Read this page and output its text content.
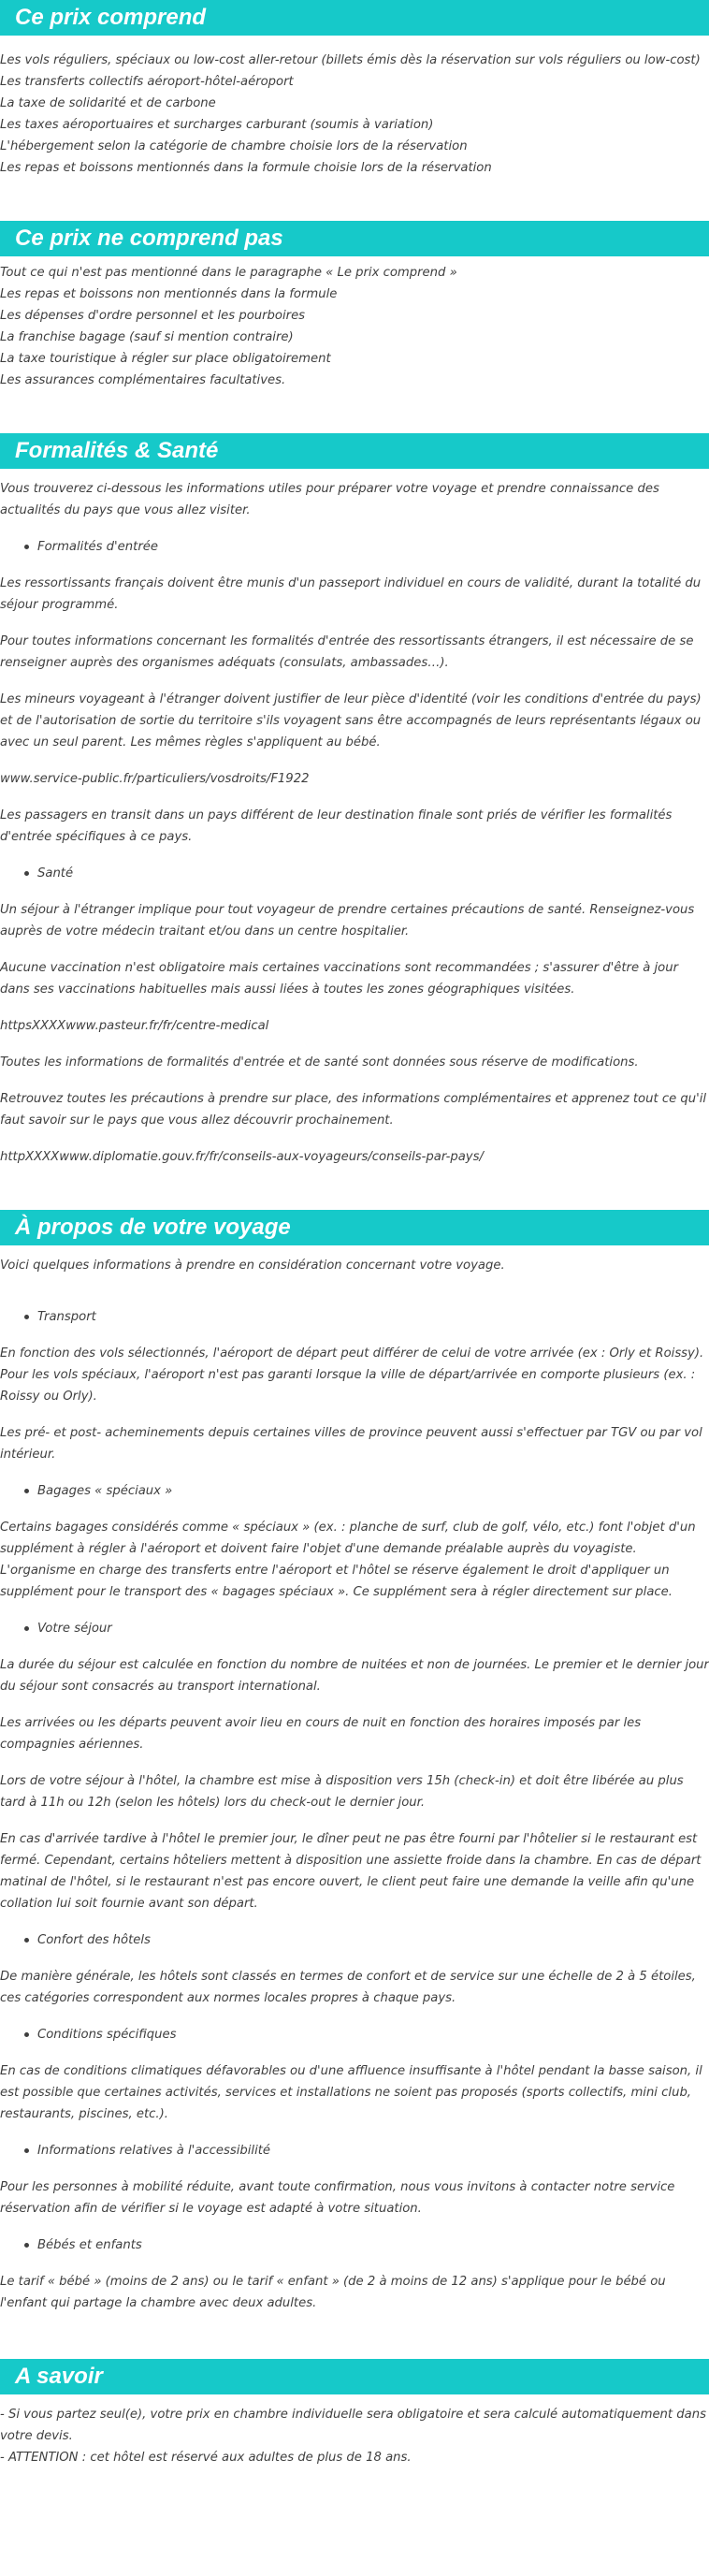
Ce prix comprend
Les vols réguliers, spéciaux ou low-cost aller-retour (billets émis dès la réservation sur vols réguliers ou low-cost)
Les transferts collectifs aéroport-hôtel-aéroport
La taxe de solidarité et de carbone
Les taxes aéroportuaires et surcharges carburant (soumis à variation)
L'hébergement selon la catégorie de chambre choisie lors de la réservation
Les repas et boissons mentionnés dans la formule choisie lors de la réservation
Ce prix ne comprend pas
Tout ce qui n'est pas mentionné dans le paragraphe « Le prix comprend »
Les repas et boissons non mentionnés dans la formule
Les dépenses d'ordre personnel et les pourboires
La franchise bagage (sauf si mention contraire)
La taxe touristique à régler sur place obligatoirement
Les assurances complémentaires facultatives.
Formalités & Santé

Vous trouverez ci-dessous les informations utiles pour préparer votre voyage et prendre connaissance des actualités du pays que vous allez visiter.

Formalités d'entrée

Les ressortissants français doivent être munis d'un passeport individuel en cours de validité, durant la totalité du séjour programmé.

Pour toutes informations concernant les formalités d'entrée des ressortissants étrangers, il est nécessaire de se renseigner auprès des organismes adéquats (consulats, ambassades…).

Les mineurs voyageant à l'étranger doivent justifier de leur pièce d'identité (voir les conditions d'entrée du pays) et de l'autorisation de sortie du territoire s'ils voyagent sans être accompagnés de leurs représentants légaux ou avec un seul parent. Les mêmes règles s'appliquent au bébé.

www.service-public.fr/particuliers/vosdroits/F1922

Les passagers en transit dans un pays différent de leur destination finale sont priés de vérifier les formalités d'entrée spécifiques à ce pays.

Santé

Un séjour à l'étranger implique pour tout voyageur de prendre certaines précautions de santé. Renseignez-vous auprès de votre médecin traitant et/ou dans un centre hospitalier.

Aucune vaccination n'est obligatoire mais certaines vaccinations sont recommandées ; s'assurer d'être à jour dans ses vaccinations habituelles mais aussi liées à toutes les zones géographiques visitées.

httpsXXXXwww.pasteur.fr/fr/centre-medical

Toutes les informations de formalités d'entrée et de santé sont données sous réserve de modifications.

Retrouvez toutes les précautions à prendre sur place, des informations complémentaires et apprenez tout ce qu'il faut savoir sur le pays que vous allez découvrir prochainement.

httpXXXXwww.diplomatie.gouv.fr/fr/conseils-aux-voyageurs/conseils-par-pays/

À propos de votre voyage

Voici quelques informations à prendre en considération concernant votre voyage.

Transport

En fonction des vols sélectionnés, l'aéroport de départ peut différer de celui de votre arrivée (ex : Orly et Roissy). Pour les vols spéciaux, l'aéroport n'est pas garanti lorsque la ville de départ/arrivée en comporte plusieurs (ex. : Roissy ou Orly).

Les pré- et post- acheminements depuis certaines villes de province peuvent aussi s'effectuer par TGV ou par vol intérieur.

Bagages « spéciaux »

Certains bagages considérés comme « spéciaux » (ex. : planche de surf, club de golf, vélo, etc.) font l'objet d'un supplément à régler à l'aéroport et doivent faire l'objet d'une demande préalable auprès du voyagiste. L'organisme en charge des transferts entre l'aéroport et l'hôtel se réserve également le droit d'appliquer un supplément pour le transport des « bagages spéciaux ». Ce supplément sera à régler directement sur place.

Votre séjour

La durée du séjour est calculée en fonction du nombre de nuitées et non de journées. Le premier et le dernier jour du séjour sont consacrés au transport international.

Les arrivées ou les départs peuvent avoir lieu en cours de nuit en fonction des horaires imposés par les compagnies aériennes.

Lors de votre séjour à l'hôtel, la chambre est mise à disposition vers 15h (check-in) et doit être libérée au plus tard à 11h ou 12h (selon les hôtels) lors du check-out le dernier jour.

En cas d'arrivée tardive à l'hôtel le premier jour, le dîner peut ne pas être fourni par l'hôtelier si le restaurant est fermé. Cependant, certains hôteliers mettent à disposition une assiette froide dans la chambre. En cas de départ matinal de l'hôtel, si le restaurant n'est pas encore ouvert, le client peut faire une demande la veille afin qu'une collation lui soit fournie avant son départ.

Confort des hôtels

De manière générale, les hôtels sont classés en termes de confort et de service sur une échelle de 2 à 5 étoiles, ces catégories correspondent aux normes locales propres à chaque pays.

Conditions spécifiques

En cas de conditions climatiques défavorables ou d'une affluence insuffisante à l'hôtel pendant la basse saison, il est possible que certaines activités, services et installations ne soient pas proposés (sports collectifs, mini club, restaurants, piscines, etc.).

Informations relatives à l'accessibilité

Pour les personnes à mobilité réduite, avant toute confirmation, nous vous invitons à contacter notre service réservation afin de vérifier si le voyage est adapté à votre situation.

Bébés et enfants

Le tarif « bébé » (moins de 2 ans) ou le tarif « enfant » (de 2 à moins de 12 ans) s'applique pour le bébé ou l'enfant qui partage la chambre avec deux adultes.

A savoir
- Si vous partez seul(e), votre prix en chambre individuelle sera obligatoire et sera calculé automatiquement dans votre devis.
- ATTENTION : cet hôtel est réservé aux adultes de plus de 18 ans.
